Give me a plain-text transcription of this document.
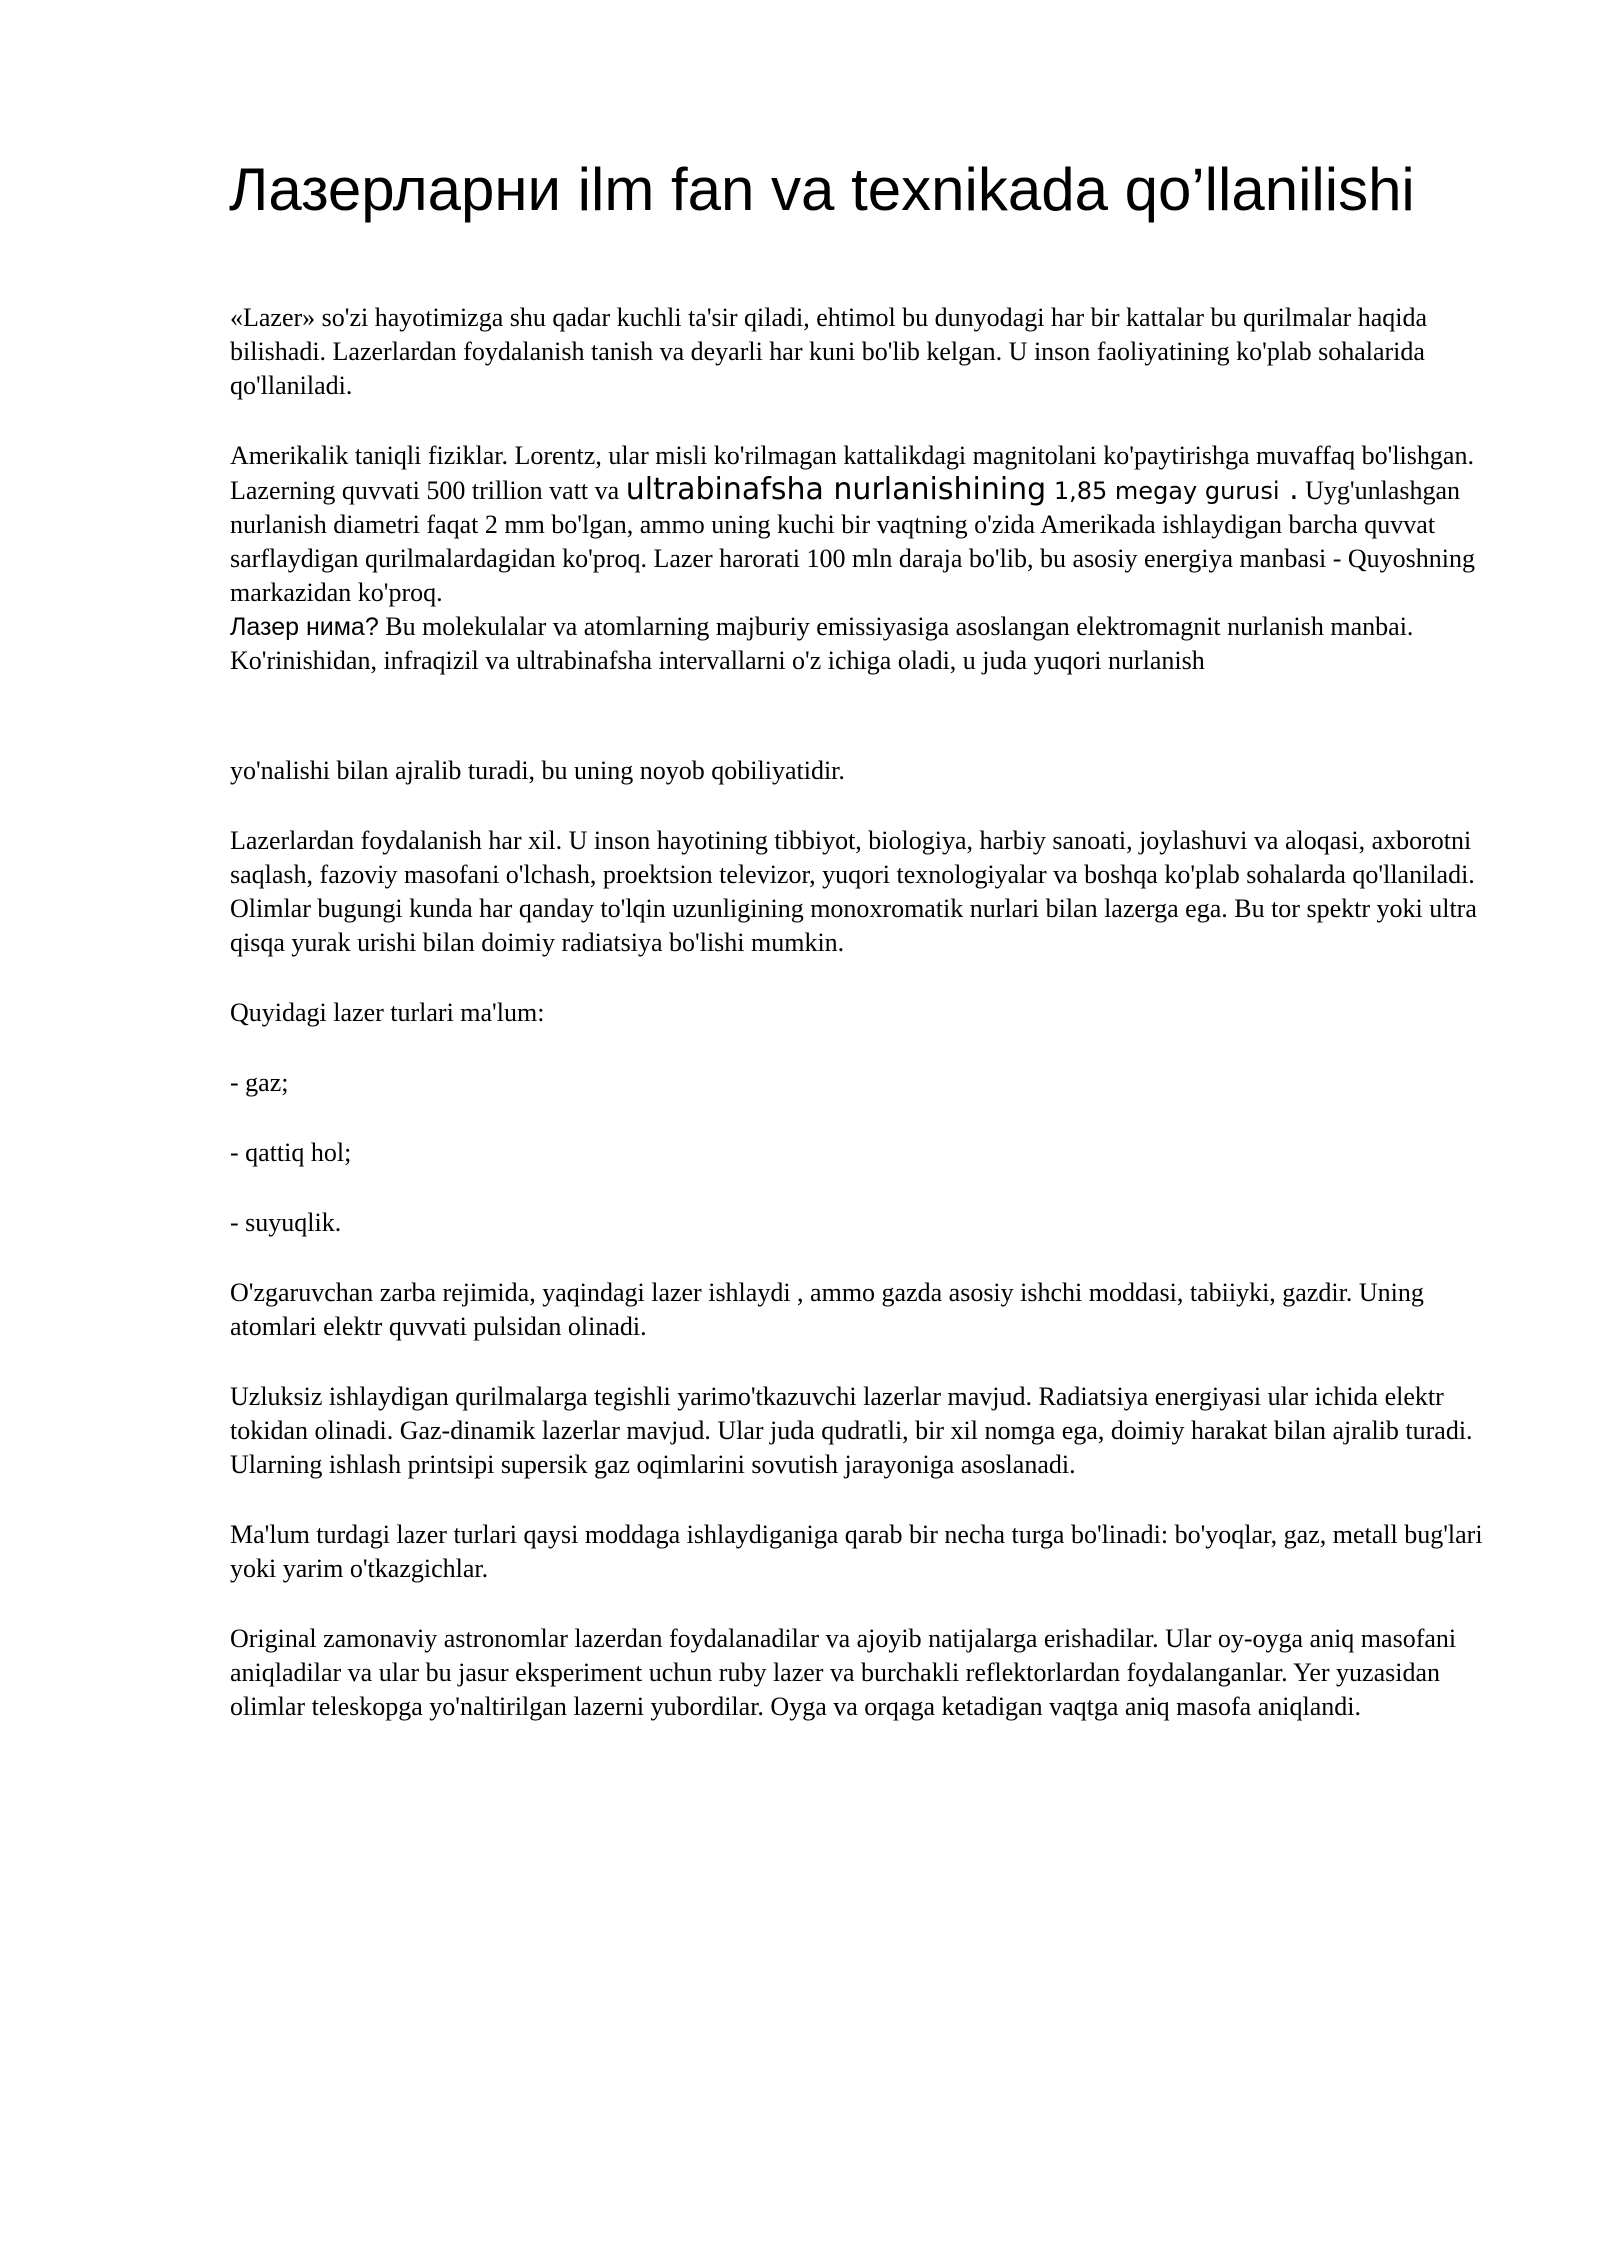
Лазерларни ilm fan va texnikada qo’llanilishi

«Lazer» so'zi hayotimizga shu qadar kuchli ta'sir qiladi, ehtimol bu dunyodagi har bir kattalar bu qurilmalar haqida bilishadi. Lazerlardan foydalanish tanish va deyarli har kuni bo'lib kelgan. U inson faoliyatining ko'plab sohalarida qo'llaniladi.

Amerikalik taniqli fiziklar. Lorentz, ular misli ko'rilmagan kattalikdagi magnitolani ko'paytirishga muvaffaq bo'lishgan. Lazerning quvvati 500 trillion vatt va ultrabinafsha nurlanishining 1,85 megay gurusi . Uyg'unlashgan nurlanish diametri faqat 2 mm bo'lgan, ammo uning kuchi bir vaqtning o'zida Amerikada ishlaydigan barcha quvvat sarflaydigan qurilmalardagidan ko'proq. Lazer harorati 100 mln daraja bo'lib, bu asosiy energiya manbasi - Quyoshning markazidan ko'proq.

Лазер нима? Bu molekulalar va atomlarning majburiy emissiyasiga asoslangan elektromagnit nurlanish manbai. Ko'rinishidan, infraqizil va ultrabinafsha intervallarni o'z ichiga oladi, u juda yuqori nurlanish

yo'nalishi bilan ajralib turadi, bu uning noyob qobiliyatidir.

Lazerlardan foydalanish har xil. U inson hayotining tibbiyot, biologiya, harbiy sanoati, joylashuvi va aloqasi, axborotni saqlash, fazoviy masofani o'lchash, proektsion televizor, yuqori texnologiyalar va boshqa ko'plab sohalarda qo'llaniladi. Olimlar bugungi kunda har qanday to'lqin uzunligining monoxromatik nurlari bilan lazerga ega. Bu tor spektr yoki ultra qisqa yurak urishi bilan doimiy radiatsiya bo'lishi mumkin.

Quyidagi lazer turlari ma'lum:

- gaz;

- qattiq hol;

- suyuqlik.

O'zgaruvchan zarba rejimida, yaqindagi lazer ishlaydi , ammo gazda asosiy ishchi moddasi, tabiiyki, gazdir. Uning atomlari elektr quvvati pulsidan olinadi.

Uzluksiz ishlaydigan qurilmalarga tegishli yarimo'tkazuvchi lazerlar mavjud. Radiatsiya energiyasi ular ichida elektr tokidan olinadi. Gaz-dinamik lazerlar mavjud. Ular juda qudratli, bir xil nomga ega, doimiy harakat bilan ajralib turadi. Ularning ishlash printsipi supersik gaz oqimlarini sovutish jarayoniga asoslanadi.

Ma'lum turdagi lazer turlari qaysi moddaga ishlaydiganiga qarab bir necha turga bo'linadi: bo'yoqlar, gaz, metall bug'lari yoki yarim o'tkazgichlar.

Original zamonaviy astronomlar lazerdan foydalanadilar va ajoyib natijalarga erishadilar. Ular oy-oyga aniq masofani aniqladilar va ular bu jasur eksperiment uchun ruby lazer va burchakli reflektorlardan foydalanganlar. Yer yuzasidan olimlar teleskopga yo'naltirilgan lazerni yubordilar. Oyga va orqaga ketadigan vaqtga aniq masofa aniqlandi.
